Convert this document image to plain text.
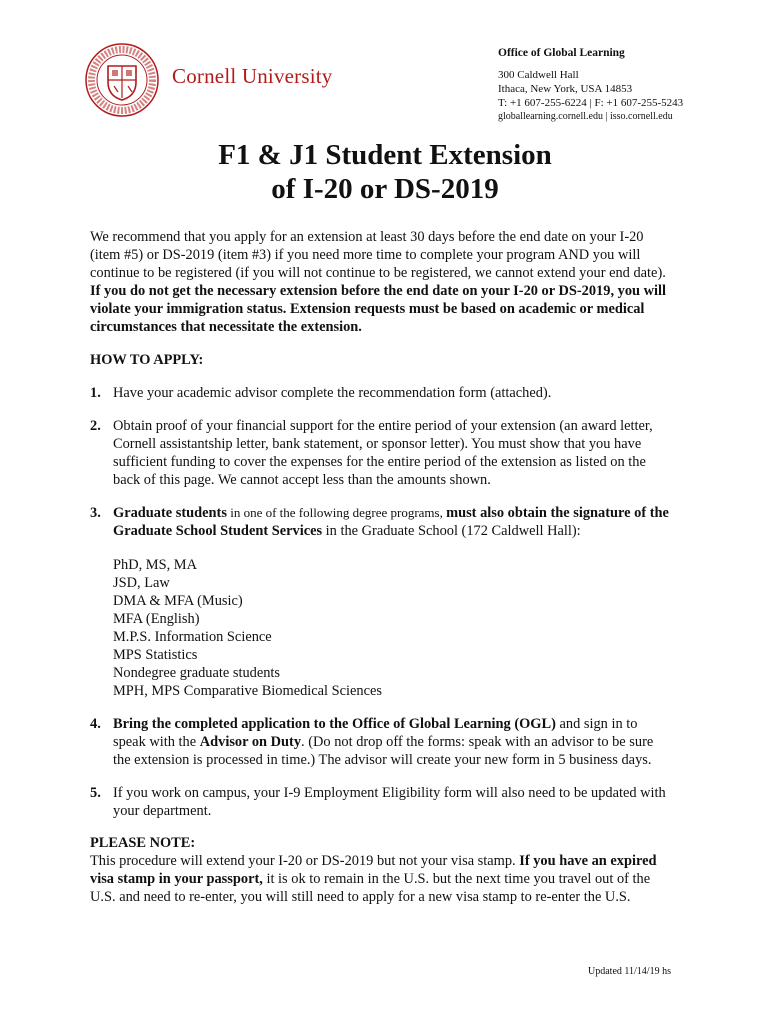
Cornell University
Office of Global Learning
300 Caldwell Hall
Ithaca, New York, USA 14853
T: +1 607-255-6224 | F: +1 607-255-5243
globallearning.cornell.edu | isso.cornell.edu
F1 & J1 Student Extension
of I-20 or DS-2019

We recommend that you apply for an extension at least 30 days before the end date on your I-20 (item #5) or DS-2019 (item #3) if you need more time to complete your program AND you will continue to be registered (if you will not continue to be registered, we cannot extend your end date).  If you do not get the necessary extension before the end date on your I-20 or DS-2019, you will violate your immigration status. Extension requests must be based on academic or medical circumstances that necessitate the extension.

HOW TO APPLY:
1. Have your academic advisor complete the recommendation form (attached).
2. Obtain proof of your financial support for the entire period of your extension (an award letter, Cornell assistantship letter, bank statement, or sponsor letter). You must show that you have sufficient funding to cover the expenses for the entire period of the extension as listed on the back of this page. We cannot accept less than the amounts shown.
3. Graduate students in one of the following degree programs, must also obtain the signature of the Graduate School Student Services in the Graduate School (172 Caldwell Hall):
PhD, MS, MA
JSD, Law
DMA & MFA (Music)
MFA (English)
M.P.S. Information Science
MPS Statistics
Nondegree graduate students
MPH, MPS Comparative Biomedical Sciences
4. Bring the completed application to the Office of Global Learning (OGL) and sign in to speak with the Advisor on Duty. (Do not drop off the forms: speak with an advisor to be sure the extension is processed in time.) The advisor will create your new form in 5 business days.
5. If you work on campus, your I-9 Employment Eligibility form will also need to be updated with your department.
PLEASE NOTE:
This procedure will extend your I-20 or DS-2019 but not your visa stamp. If you have an expired visa stamp in your passport, it is ok to remain in the U.S. but the next time you travel out of the U.S. and need to re-enter, you will still need to apply for a new visa stamp to re-enter the U.S.
Updated 11/14/19 hs
